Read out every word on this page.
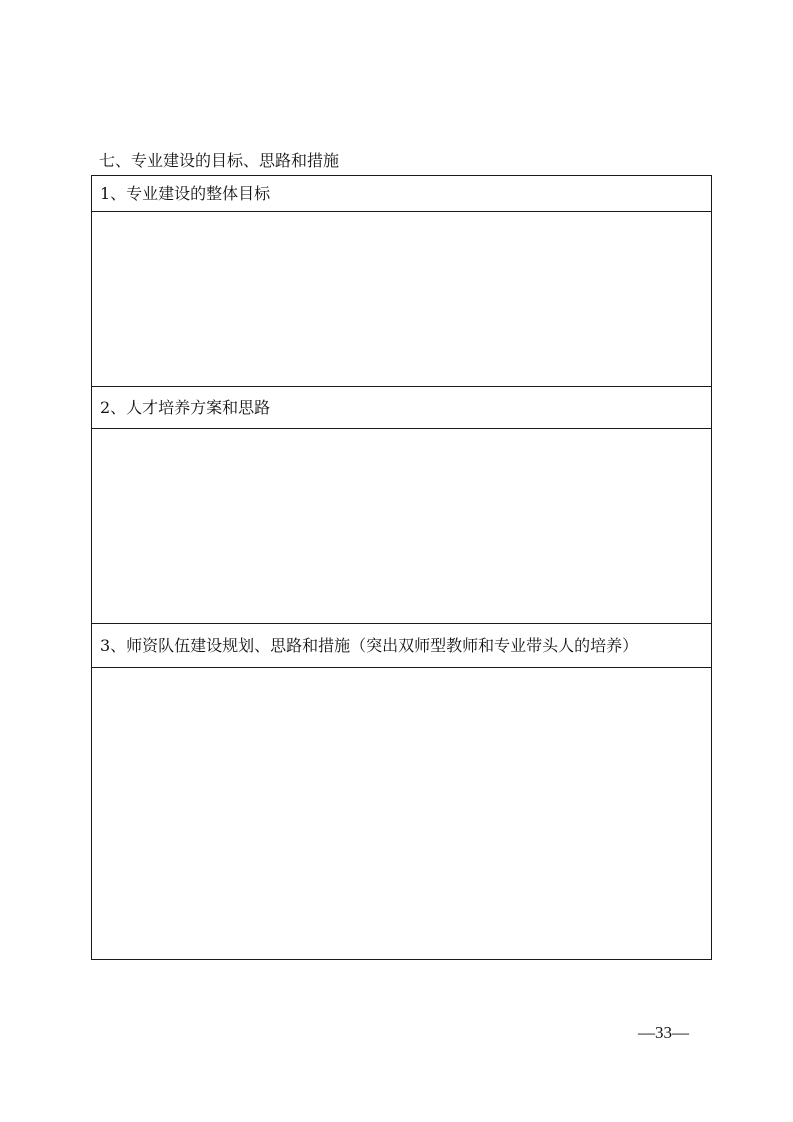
七、专业建设的目标、思路和措施
1、专业建设的整体目标
2、人才培养方案和思路
3、师资队伍建设规划、思路和措施（突出双师型教师和专业带头人的培养）
—33—
